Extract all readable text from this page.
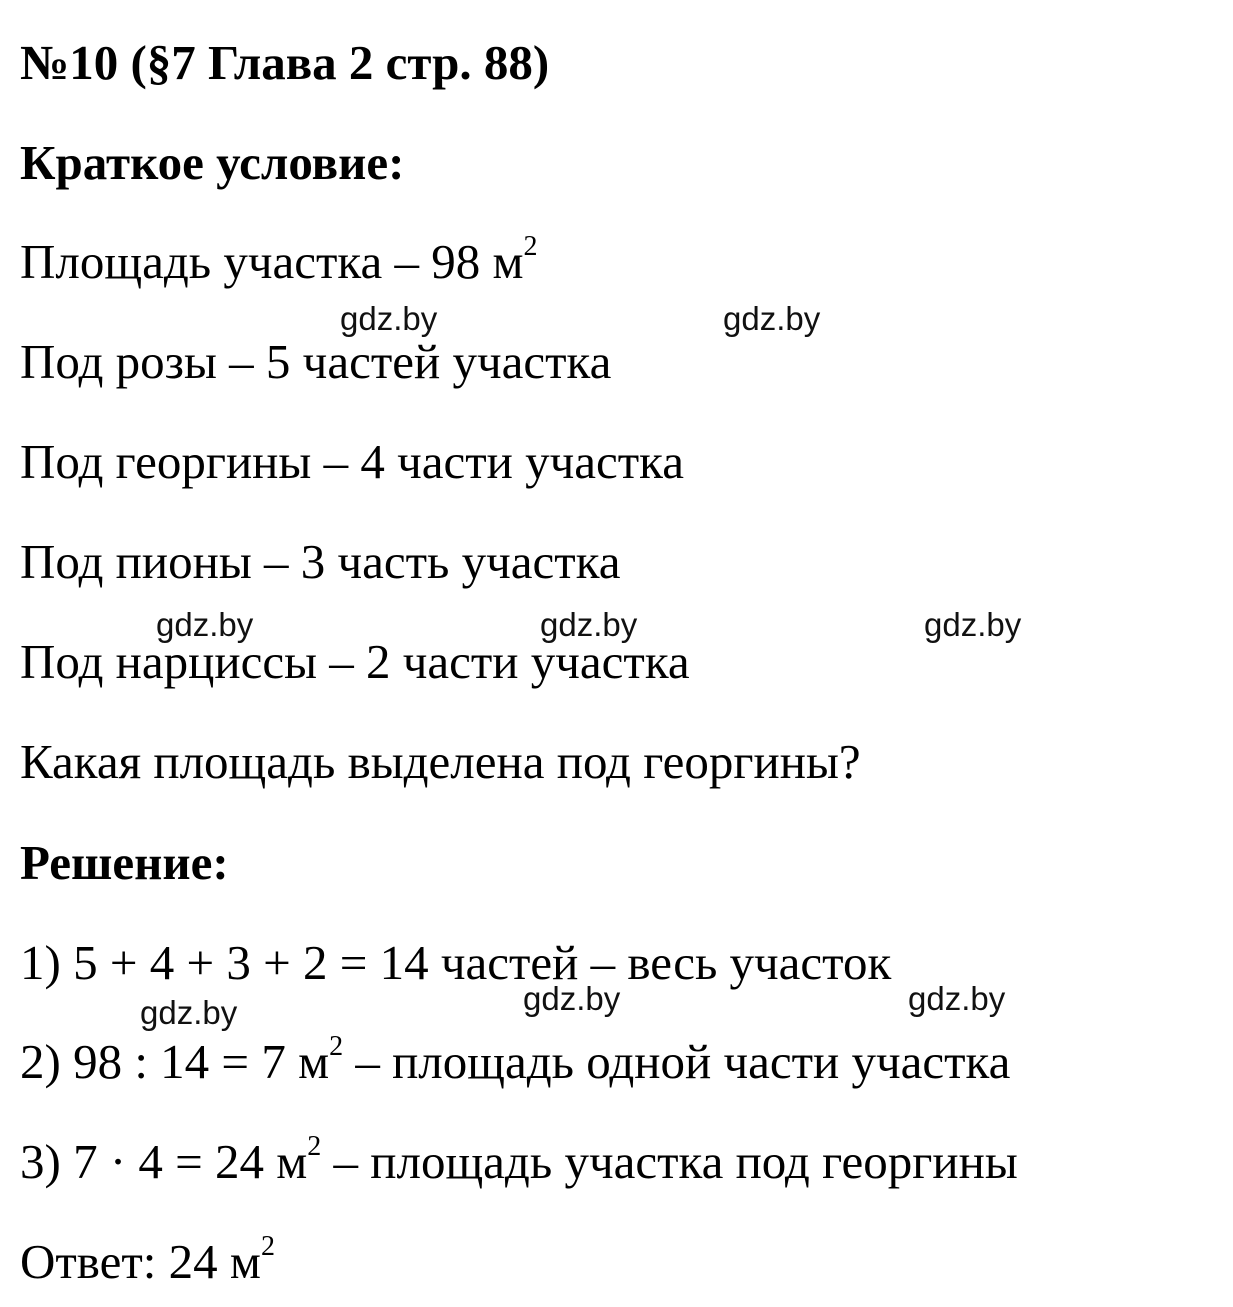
№10 (§7 Глава 2 стр. 88)
Краткое условие:
Площадь участка – 98 $м^2$
Под розы – 5 частей участка
Под георгины – 4 части участка
Под пионы – 3 часть участка
Под нарциссы – 2 части участка
Какая площадь выделена под георгины?
Решение:
1) 5 + 4 + 3 + 2 = 14 частей – весь участок
2) 98 : 14 = 7 $м^2$ – площадь одной части участка
3) 7 · 4 = 24 $м^2$ – площадь участка под георгины
Ответ: 24 $м^2$
gdz.by	gdz.by
gdz.by	gdz.by	gdz.by
gdz.by	gdz.by	gdz.by
